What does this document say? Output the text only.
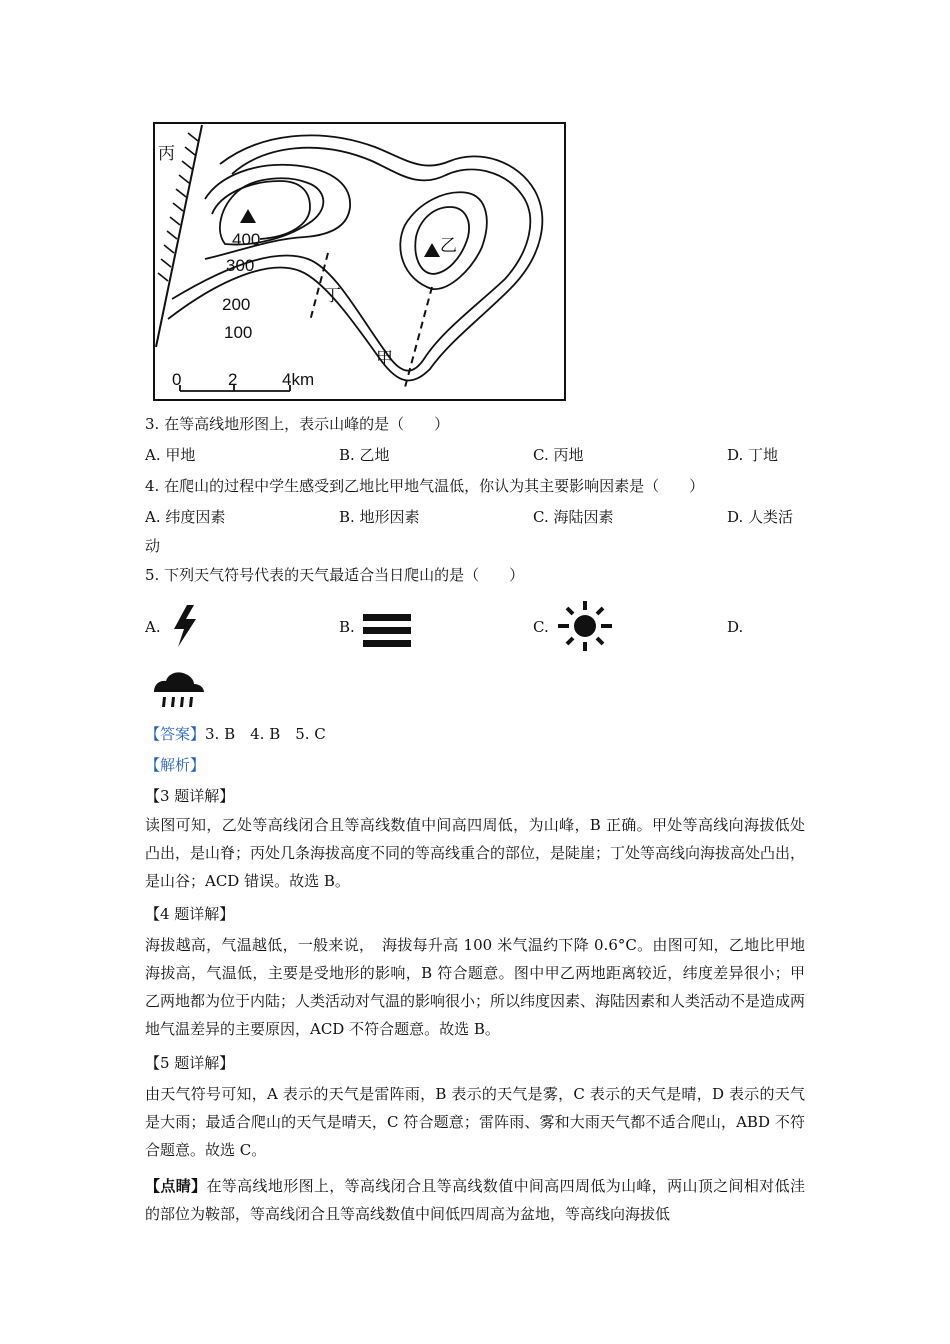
丙
乙
甲
丁
400
300
200
100
0	2	4km
3. 在等高线地形图上，表示山峰的是（　　）
A. 甲地	B. 乙地	C. 丙地	D. 丁地
4. 在爬山的过程中学生感受到乙地比甲地气温低，你认为其主要影响因素是（　　）
A. 纬度因素	B. 地形因素	C. 海陆因素	D. 人类活
动
5. 下列天气符号代表的天气最适合当日爬山的是（　　）
A.	B.	C.	D.
【答案】3. B　4. B　5. C
【解析】
【3 题详解】
读图可知，乙处等高线闭合且等高线数值中间高四周低，为山峰，B 正确。甲处等高线向海拔低处凸出，是山脊；丙处几条海拔高度不同的等高线重合的部位，是陡崖；丁处等高线向海拔高处凸出，是山谷；ACD 错误。故选 B。
【4 题详解】
海拔越高，气温越低，一般来说，　海拔每升高 100 米气温约下降 0.6°C。由图可知，乙地比甲地海拔高，气温低，主要是受地形的影响，B 符合题意。图中甲乙两地距离较近，纬度差异很小；甲乙两地都为位于内陆；人类活动对气温的影响很小；所以纬度因素、海陆因素和人类活动不是造成两地气温差异的主要原因，ACD 不符合题意。故选 B。
【5 题详解】
由天气符号可知，A 表示的天气是雷阵雨，B 表示的天气是雾，C 表示的天气是晴，D 表示的天气是大雨；最适合爬山的天气是晴天，C 符合题意；雷阵雨、雾和大雨天气都不适合爬山，ABD 不符合题意。故选 C。
【点睛】在等高线地形图上，等高线闭合且等高线数值中间高四周低为山峰，两山顶之间相对低洼的部位为鞍部，等高线闭合且等高线数值中间低四周高为盆地，等高线向海拔低
